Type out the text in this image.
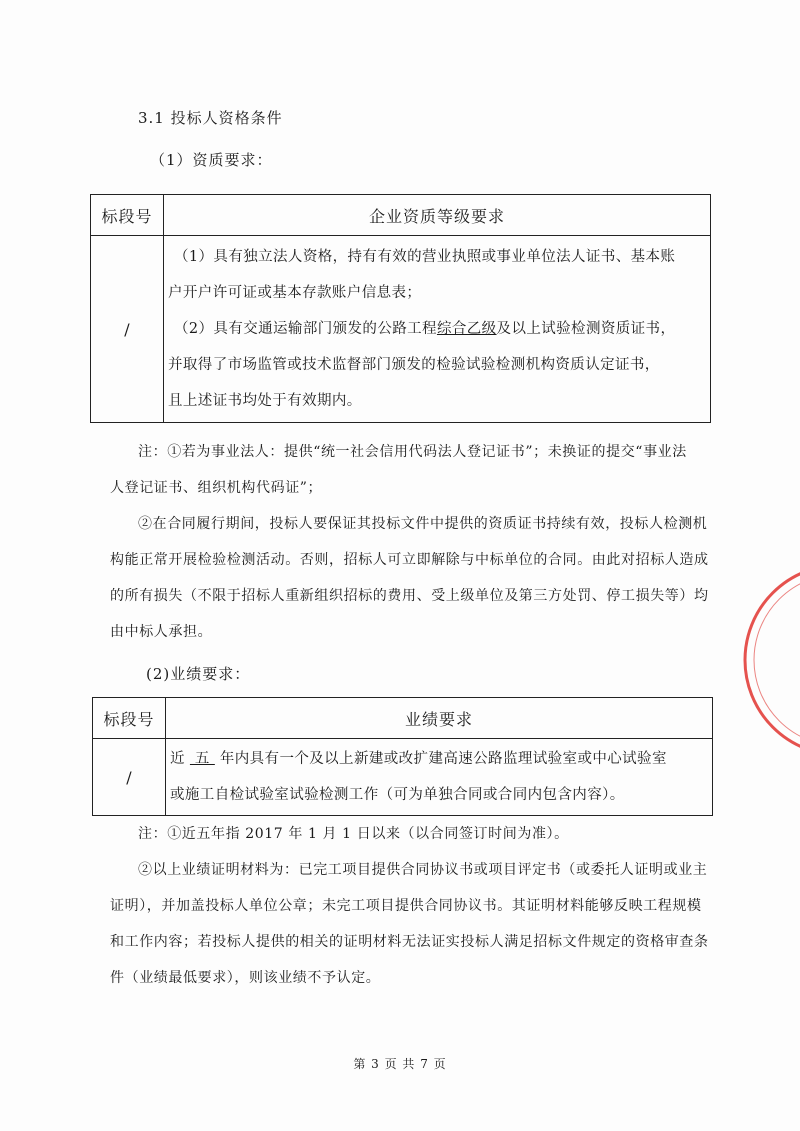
3.1 投标人资格条件
（1）资质要求：
标段号	企业资质等级要求
/	（1）具有独立法人资格，持有有效的营业执照或事业单位法人证书、基本账
户开户许可证或基本存款账户信息表；
（2）具有交通运输部门颁发的公路工程综合乙级及以上试验检测资质证书，
并取得了市场监管或技术监督部门颁发的检验试验检测机构资质认定证书，
且上述证书均处于有效期内。
注：①若为事业法人：提供“统一社会信用代码法人登记证书”；未换证的提交“事业法
人登记证书、组织机构代码证”；
②在合同履行期间，投标人要保证其投标文件中提供的资质证书持续有效，投标人检测机
构能正常开展检验检测活动。否则，招标人可立即解除与中标单位的合同。由此对招标人造成
的所有损失（不限于招标人重新组织招标的费用、受上级单位及第三方处罚、停工损失等）均
由中标人承担。
(2)业绩要求：
标段号	业绩要求
/	近  五  年内具有一个及以上新建或改扩建高速公路监理试验室或中心试验室
或施工自检试验室试验检测工作（可为单独合同或合同内包含内容）。
注：①近五年指 2017 年 1 月 1 日以来（以合同签订时间为准）。
②以上业绩证明材料为：已完工项目提供合同协议书或项目评定书（或委托人证明或业主
证明），并加盖投标人单位公章；未完工项目提供合同协议书。其证明材料能够反映工程规模
和工作内容；若投标人提供的相关的证明材料无法证实投标人满足招标文件规定的资格审查条
件（业绩最低要求），则该业绩不予认定。
第 3 页 共 7 页
